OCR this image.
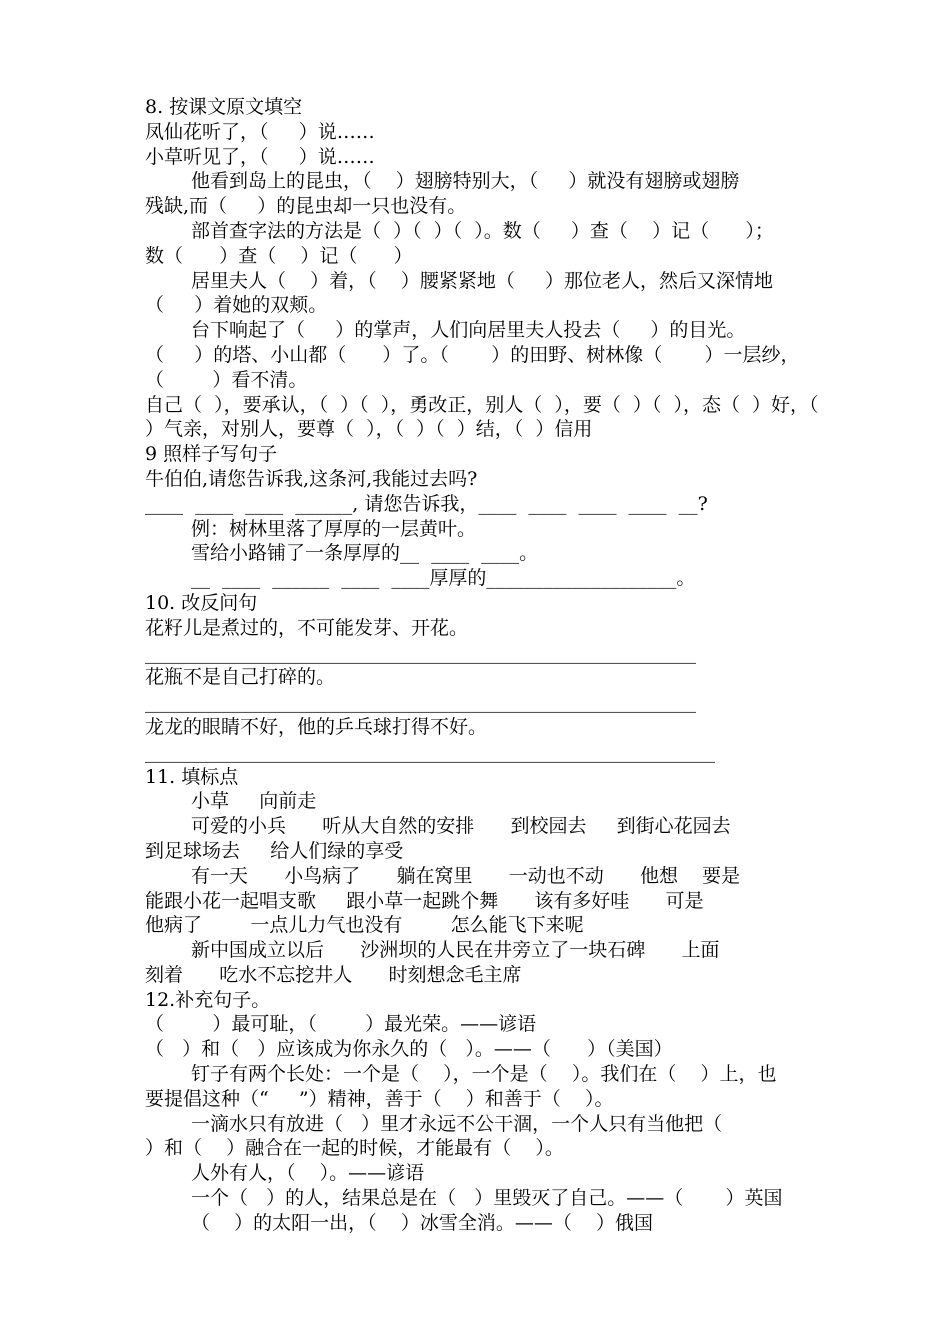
8. 按课文原文填空
凤仙花听了，（     ）说……
小草听见了，（     ）说……
他看到岛上的昆虫，（    ）翅膀特别大，（     ）就没有翅膀或翅膀
残缺,而（     ）的昆虫却一只也没有。
部首查字法的方法是（  ）（  ）（  ）。数（     ）查（    ）记（      ）；
数（      ）查（    ）记（      ）
居里夫人（    ）着，（    ）腰紧紧地（     ）那位老人，然后又深情地
（     ）着她的双颊。
台下响起了（     ）的掌声，人们向居里夫人投去（     ）的目光。
（     ）的塔、小山都（      ）了。（       ）的田野、树林像（       ）一层纱，
（        ）看不清。
自己（  ），要承认，（  ）（  ），勇改正，别人（  ），要（  ）（  ），态（  ）好，（
）气亲，对别人，要尊（  ），（  ）（  ）结，（  ）信用
9 照样子写句子
牛伯伯,请您告诉我,这条河,我能过去吗?
____  ____  ____  ______, 请您告诉我，____  ____  ____  ____  __?
例：树林里落了厚厚的一层黄叶。
雪给小路铺了一条厚厚的__  ____  ____。
__  ____  ______  ____  ____厚厚的____________________。
10. 改反问句
花籽儿是煮过的，不可能发芽、开花。
__________________________________________________________
花瓶不是自己打碎的。
__________________________________________________________
龙龙的眼睛不好，他的乒乓球打得不好。
____________________________________________________________
11. 填标点
小草     向前走
可爱的小兵      听从大自然的安排      到校园去     到街心花园去
到足球场去     给人们绿的享受
有一天      小鸟病了      躺在窝里      一动也不动      他想    要是
能跟小花一起唱支歌     跟小草一起跳个舞      该有多好哇      可是
他病了        一点儿力气也没有        怎么能飞下来呢
新中国成立以后      沙洲坝的人民在井旁立了一块石碑      上面
刻着      吃水不忘挖井人      时刻想念毛主席
12.补充句子。
（        ）最可耻，（        ）最光荣。——谚语
（   ）和（   ）应该成为你永久的（   ）。——（      ）（美国）
钉子有两个长处：一个是（    ），一个是（    ）。我们在（    ）上，也
要提倡这种（“     ”）精神，善于（    ）和善于（    ）。
一滴水只有放进（   ）里才永远不公干涸，一个人只有当他把（
）和（    ）融合在一起的时候，才能最有（    ）。
人外有人，（    ）。——谚语
一个（   ）的人，结果总是在（   ）里毁灭了自己。——（       ）英国
（    ）的太阳一出，（    ）冰雪全消。——（    ）俄国
